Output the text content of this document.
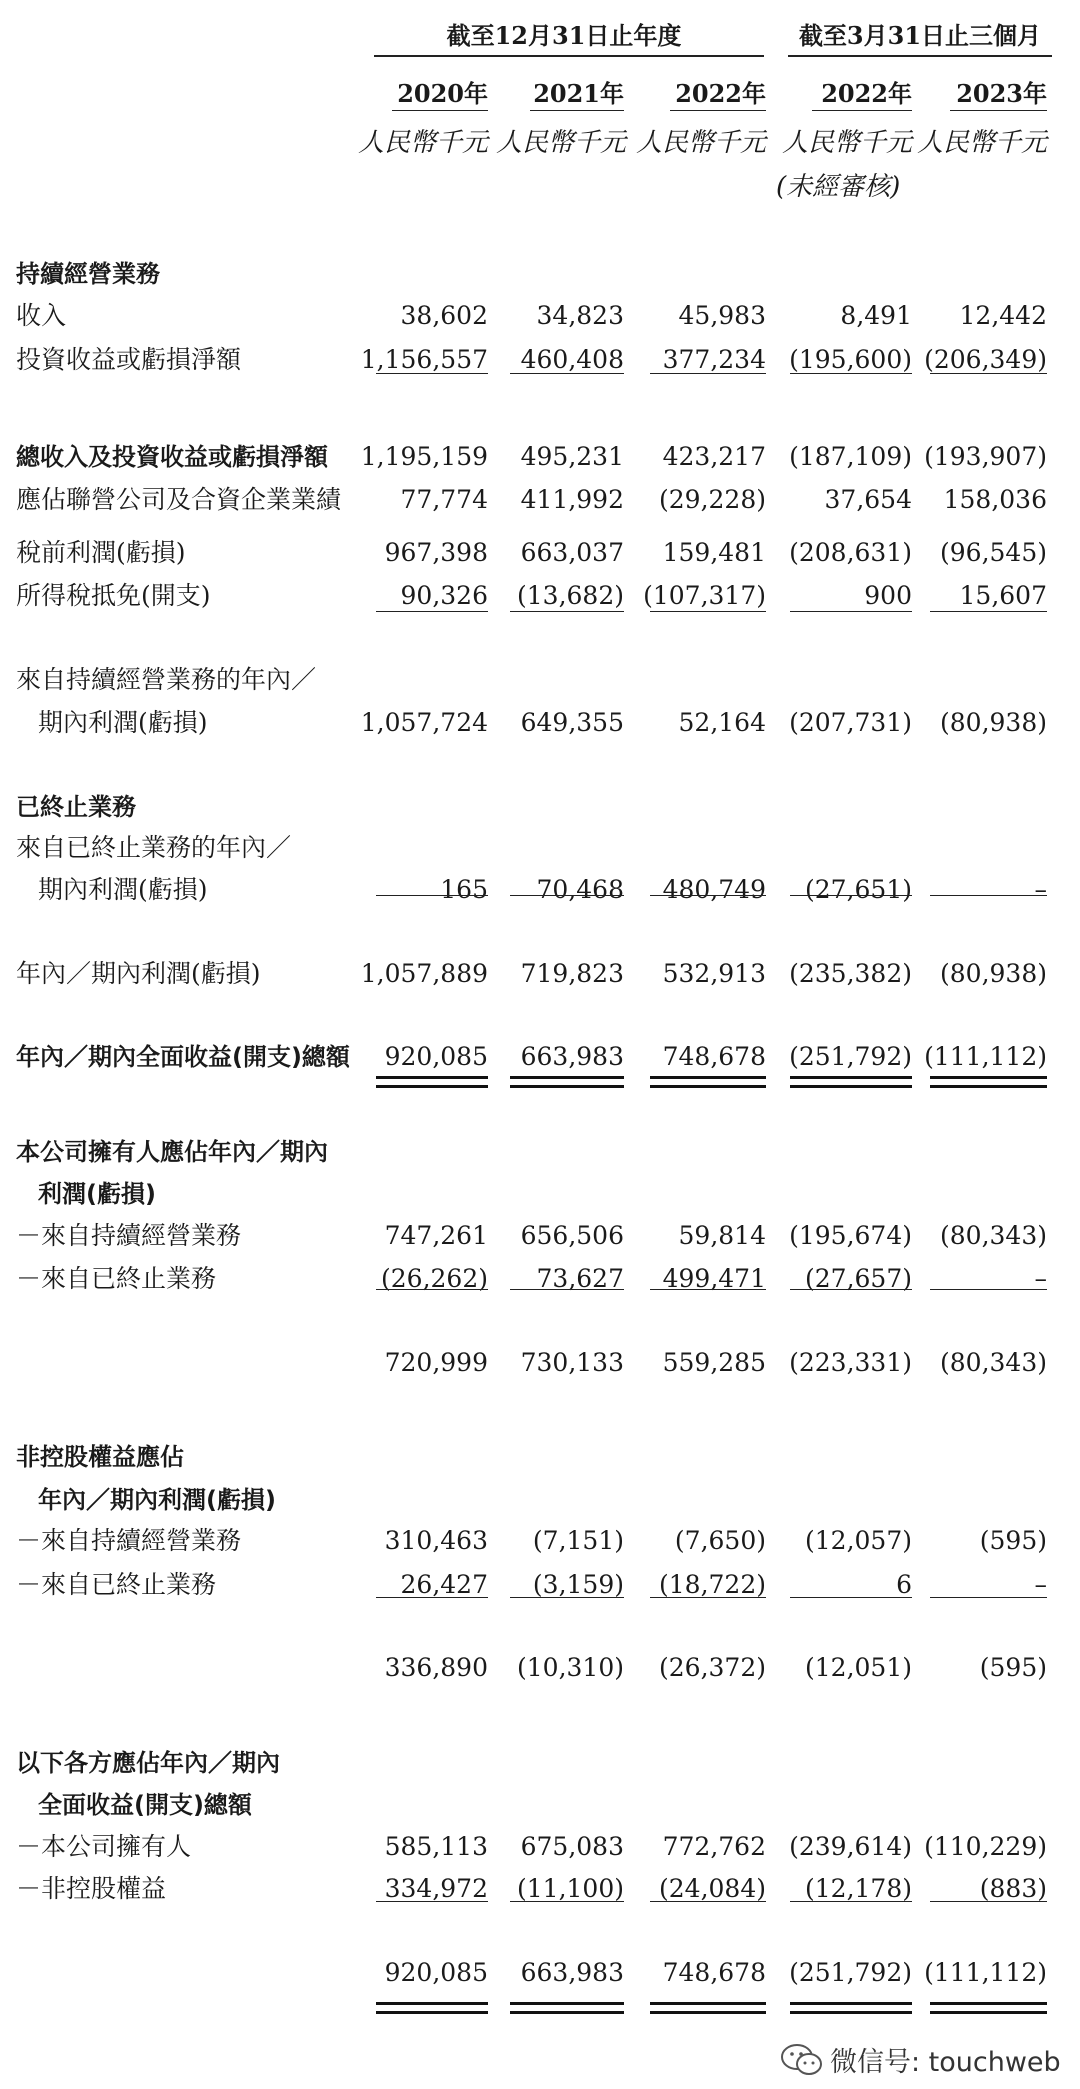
截至12月31日止年度	截至3月31日止三個月
2020年	2021年	2022年	2022年	2023年
人民幣千元 人民幣千元 人民幣千元 人民幣千元 人民幣千元
(未經審核)
持續經營業務
收入	38,602	34,823	45,983	8,491	12,442
投資收益或虧損淨額	1,156,557	460,408	377,234 (195,600) (206,349)
總收入及投資收益或虧損淨額 1,195,159	495,231	423,217 (187,109) (193,907)
應佔聯營公司及合資企業業績	77,774	411,992	(29,228)	37,654	158,036
稅前利潤(虧損)	967,398	663,037	159,481 (208,631)	(96,545)
所得稅抵免(開支)	90,326	(13,682) (107,317)	900	15,607
來自持續經營業務的年內／
期內利潤(虧損)	1,057,724	649,355	52,164 (207,731)	(80,938)
已終止業務
來自已終止業務的年內／
期內利潤(虧損)	165	70,468	480,749	(27,651)	–
年內／期內利潤(虧損)	1,057,889	719,823	532,913 (235,382)	(80,938)
年內／期內全面收益(開支)總額	920,085	663,983	748,678 (251,792) (111,112)
本公司擁有人應佔年內／期內
利潤(虧損)
－來自持續經營業務	747,261	656,506	59,814 (195,674)	(80,343)
－來自已終止業務	(26,262)	73,627	499,471	(27,657)	–
720,999	730,133	559,285 (223,331)	(80,343)
非控股權益應佔
年內／期內利潤(虧損)
－來自持續經營業務	310,463	(7,151)	(7,650)	(12,057)	(595)
－來自已終止業務	26,427	(3,159)	(18,722)	6	–
336,890	(10,310)	(26,372)	(12,051)	(595)
以下各方應佔年內／期內
全面收益(開支)總額
－本公司擁有人	585,113	675,083	772,762 (239,614) (110,229)
－非控股權益	334,972	(11,100)	(24,084)	(12,178)	(883)
920,085	663,983	748,678 (251,792) (111,112)
微信号: touchweb
